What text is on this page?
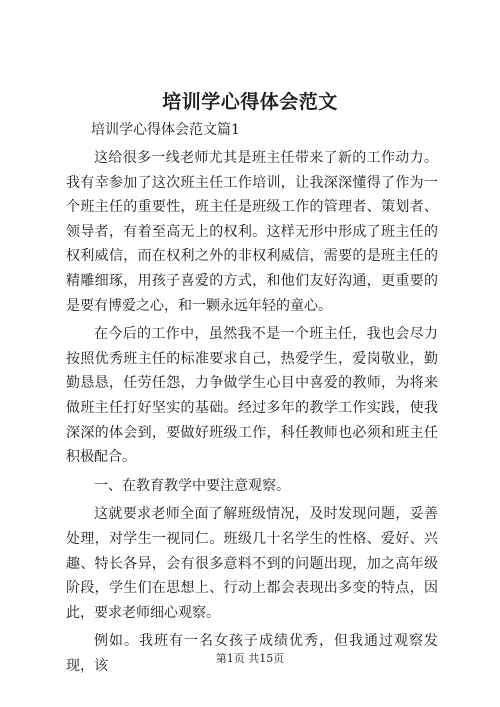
培训学心得体会范文
培训学心得体会范文篇1

这给很多一线老师尤其是班主任带来了新的工作动力。我有幸参加了这次班主任工作培训，让我深深懂得了作为一个班主任的重要性，班主任是班级工作的管理者、策划者、领导者，有着至高无上的权利。这样无形中形成了班主任的权利威信，而在权利之外的非权利威信，需要的是班主任的精雕细琢，用孩子喜爱的方式，和他们友好沟通，更重要的是要有博爱之心，和一颗永远年轻的童心。

在今后的工作中，虽然我不是一个班主任，我也会尽力按照优秀班主任的标准要求自己，热爱学生，爱岗敬业，勤勤恳恳，任劳任怨，力争做学生心目中喜爱的教师，为将来做班主任打好坚实的基础。经过多年的教学工作实践，使我深深的体会到，要做好班级工作，科任教师也必须和班主任积极配合。

一、在教育教学中要注意观察。

这就要求老师全面了解班级情况，及时发现问题，妥善处理，对学生一视同仁。班级几十名学生的性格、爱好、兴趣、特长各异，会有很多意料不到的问题出现，加之高年级阶段，学生们在思想上、行动上都会表现出多变的特点，因此，要求老师细心观察。

例如。我班有一名女孩子成绩优秀，但我通过观察发现，该	第1页 共15页
